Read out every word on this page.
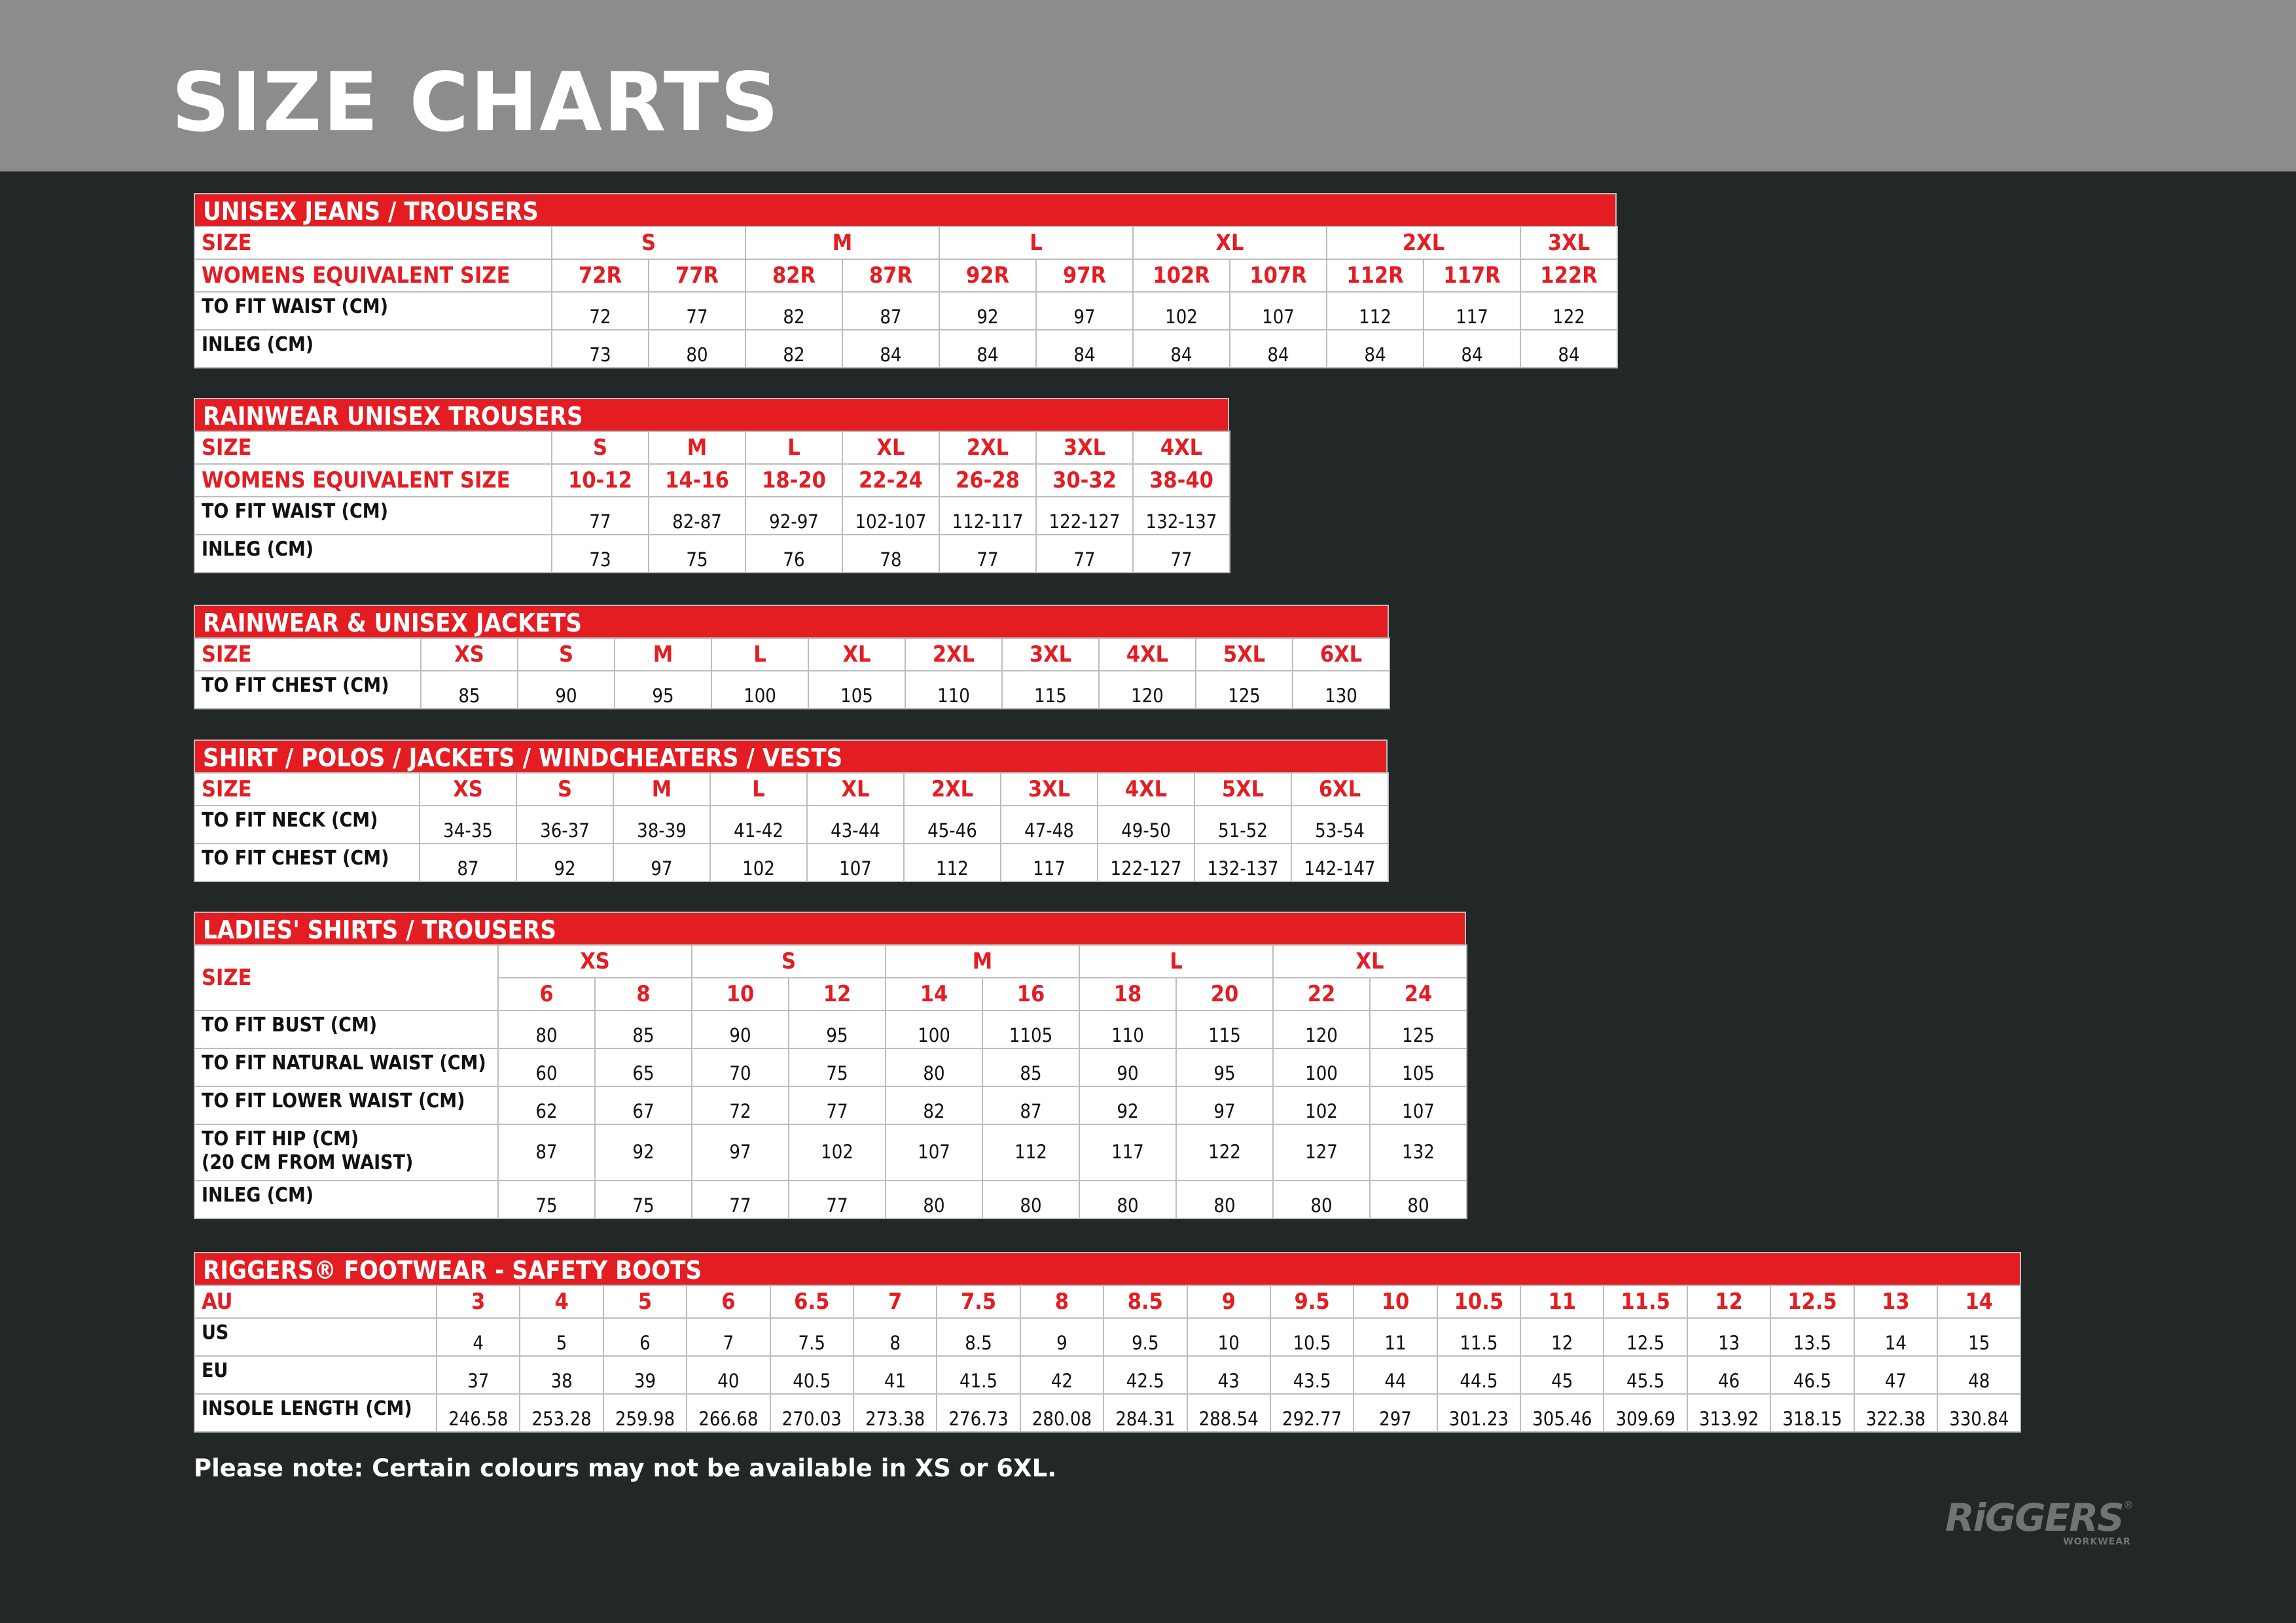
SIZE CHARTS
UNISEX JEANS / TROUSERS
SIZE	S		M		L		XL		2XL		3XL
WOMENS EQUIVALENT SIZE	72R	77R	82R	87R	92R	97R	102R	107R	112R	117R	122R
TO FIT WAIST (CM)	72	77	82	87	92	97	102	107	112	117	122
INLEG (CM)	73	80	82	84	84	84	84	84	84	84	84
RAINWEAR UNISEX TROUSERS
SIZE	S	M	L	XL	2XL	3XL	4XL
WOMENS EQUIVALENT SIZE	10-12	14-16	18-20	22-24	26-28	30-32	38-40
TO FIT WAIST (CM)	77	82-87	92-97	102-107	112-117	122-127	132-137
INLEG (CM)	73	75	76	78	77	77	77
RAINWEAR & UNISEX JACKETS
SIZE	XS	S	M	L	XL	2XL	3XL	4XL	5XL	6XL
TO FIT CHEST (CM)	85	90	95	100	105	110	115	120	125	130
SHIRT / POLOS / JACKETS / WINDCHEATERS / VESTS
SIZE	XS	S	M	L	XL	2XL	3XL	4XL	5XL	6XL
TO FIT NECK (CM)	34-35	36-37	38-39	41-42	43-44	45-46	47-48	49-50	51-52	53-54
TO FIT CHEST (CM)	87	92	97	102	107	112	117	122-127	132-137	142-147
LADIES' SHIRTS / TROUSERS
SIZE	XS		S		M		L		XL	
	6	8	10	12	14	16	18	20	22	24
TO FIT BUST (CM)	80	85	90	95	100	1105	110	115	120	125
TO FIT NATURAL WAIST (CM)	60	65	70	75	80	85	90	95	100	105
TO FIT LOWER WAIST (CM)	62	67	72	77	82	87	92	97	102	107

TO FIT HIP (CM)
(20 CM FROM WAIST)	87	92	97	102	107	112	117	122	127	132
INLEG (CM)	75	75	77	77	80	80	80	80	80	80
RIGGERS® FOOTWEAR - SAFETY BOOTS
AU	3	4	5	6	6.5	7	7.5	8	8.5	9	9.5	10	10.5	11	11.5	12	12.5	13	14
US	4	5	6	7	7.5	8	8.5	9	9.5	10	10.5	11	11.5	12	12.5	13	13.5	14	15
EU	37	38	39	40	40.5	41	41.5	42	42.5	43	43.5	44	44.5	45	45.5	46	46.5	47	48
INSOLE LENGTH (CM)	246.58	253.28	259.98	266.68	270.03	273.38	276.73	280.08	284.31	288.54	292.77	297	301.23	305.46	309.69	313.92	318.15	322.38	330.84
Please note: Certain colours may not be available in XS or 6XL.
RiGGERS®
WORKWEAR
